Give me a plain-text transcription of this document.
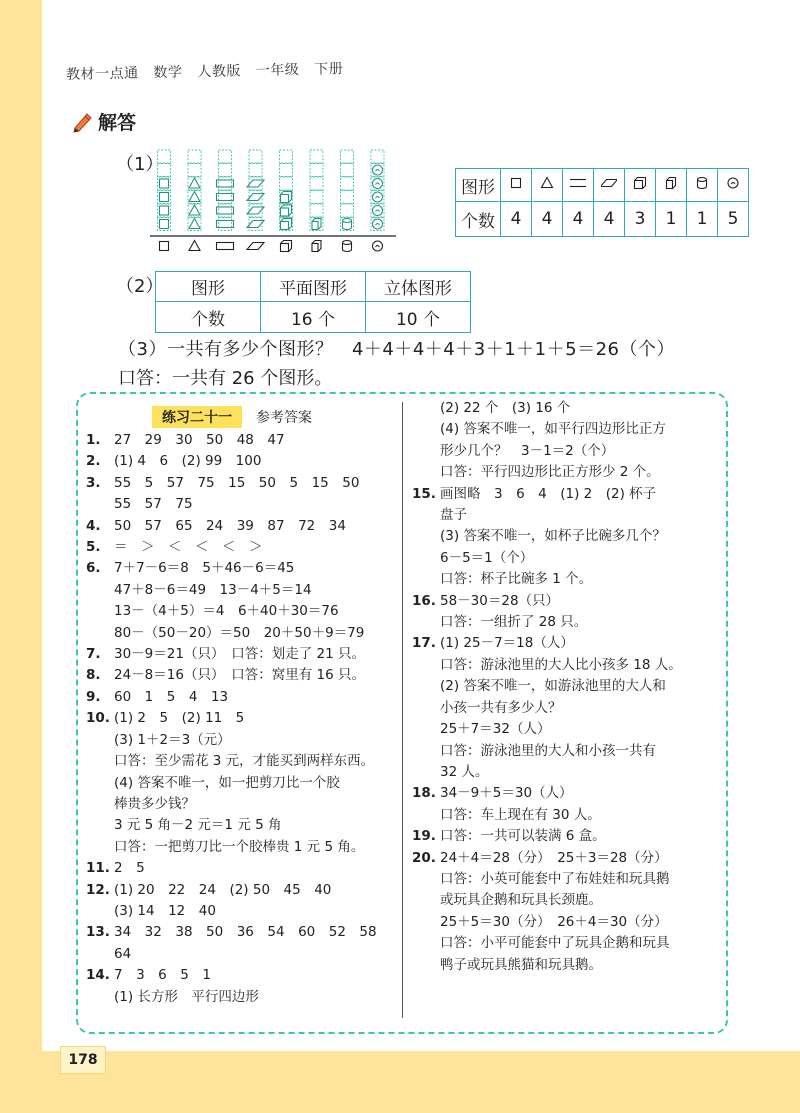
教材一点通 数学 人教版 一年级 下册
解答
（1）
图形								
个数	4	4	4	4	3	1	1	5
（2） 图形	平面图形	立体图形
个数	16 个	10 个
（3）一共有多少个图形？　4＋4＋4＋4＋3＋1＋1＋5＝26（个）
口答：一共有 26 个图形。
练习二十一	参考答案
1. 27　29　30　50　48　47
2. (1) 4　6　(2) 99　100
3. 55　5　57　75　15　50　5　15　50
55　57　75
4. 50　57　65　24　39　87　72　34
5. ＝　＞　＜　＜　＜　＞
6. 7＋7－6＝8　5＋46－6＝45
47＋8－6＝49　13－4＋5＝14
13－（4＋5）＝4　6＋40＋30＝76
80－（50－20）＝50　20＋50＋9＝79
7. 30－9＝21（只）　口答：划走了 21 只。
8. 24－8＝16（只）　口答：窝里有 16 只。
9. 60　1　5　4　13
10. (1) 2　5　(2) 11　5
(3) 1＋2＝3（元）
口答：至少需花 3 元，才能买到两样东西。
(4) 答案不唯一，如一把剪刀比一个胶
棒贵多少钱？
3 元 5 角－2 元＝1 元 5 角
口答：一把剪刀比一个胶棒贵 1 元 5 角。
11. 2　5
12. (1) 20　22　24　(2) 50　45　40
(3) 14　12　40
13. 34　32　38　50　36　54　60　52　58
64
14. 7　3　6　5　1
(1) 长方形　平行四边形
(2) 22 个　(3) 16 个
(4) 答案不唯一，如平行四边形比正方
形少几个？　3－1＝2（个）
口答：平行四边形比正方形少 2 个。
15. 画图略　3　6　4　(1) 2　(2) 杯子
盘子
(3) 答案不唯一，如杯子比碗多几个？
6－5＝1（个）
口答：杯子比碗多 1 个。
16. 58－30＝28（只）
口答：一组折了 28 只。
17. (1) 25－7＝18（人）
口答：游泳池里的大人比小孩多 18 人。
(2) 答案不唯一，如游泳池里的大人和
小孩一共有多少人？
25＋7＝32（人）
口答：游泳池里的大人和小孩一共有
32 人。
18. 34－9＋5＝30（人）
口答：车上现在有 30 人。
19. 口答：一共可以装满 6 盒。
20. 24＋4＝28（分）　25＋3＝28（分）
口答：小英可能套中了布娃娃和玩具鹅
或玩具企鹅和玩具长颈鹿。
25＋5＝30（分）　26＋4＝30（分）
口答：小平可能套中了玩具企鹅和玩具
鸭子或玩具熊猫和玩具鹅。
178
